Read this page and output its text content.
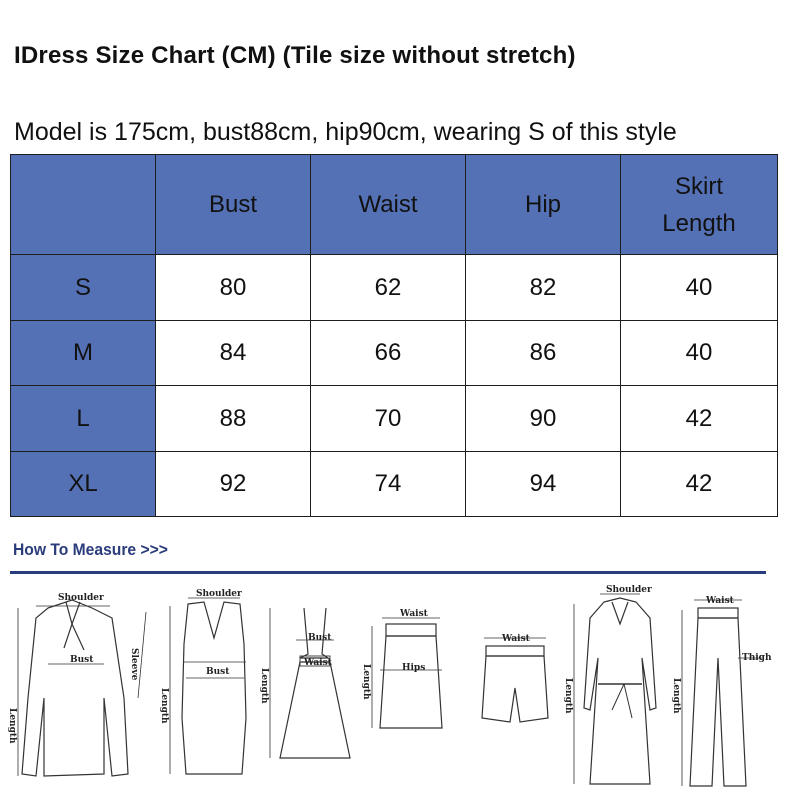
IDress Size Chart (CM) (Tile size without stretch)
Model is 175cm, bust88cm, hip90cm, wearing S of this style
	Bust	Waist	Hip	Skirt
Length
S	80	62	82	40
M	84	66	86	40
L	88	70	90	42
XL	92	74	94	42
How To Measure >>>
Shoulder
Bust
Length
Sleeve
Shoulder
Bust
Length
Bust
Waist
Length
Waist
Hips
Length
Waist
Shoulder
Length
Waist
Thigh
Length
